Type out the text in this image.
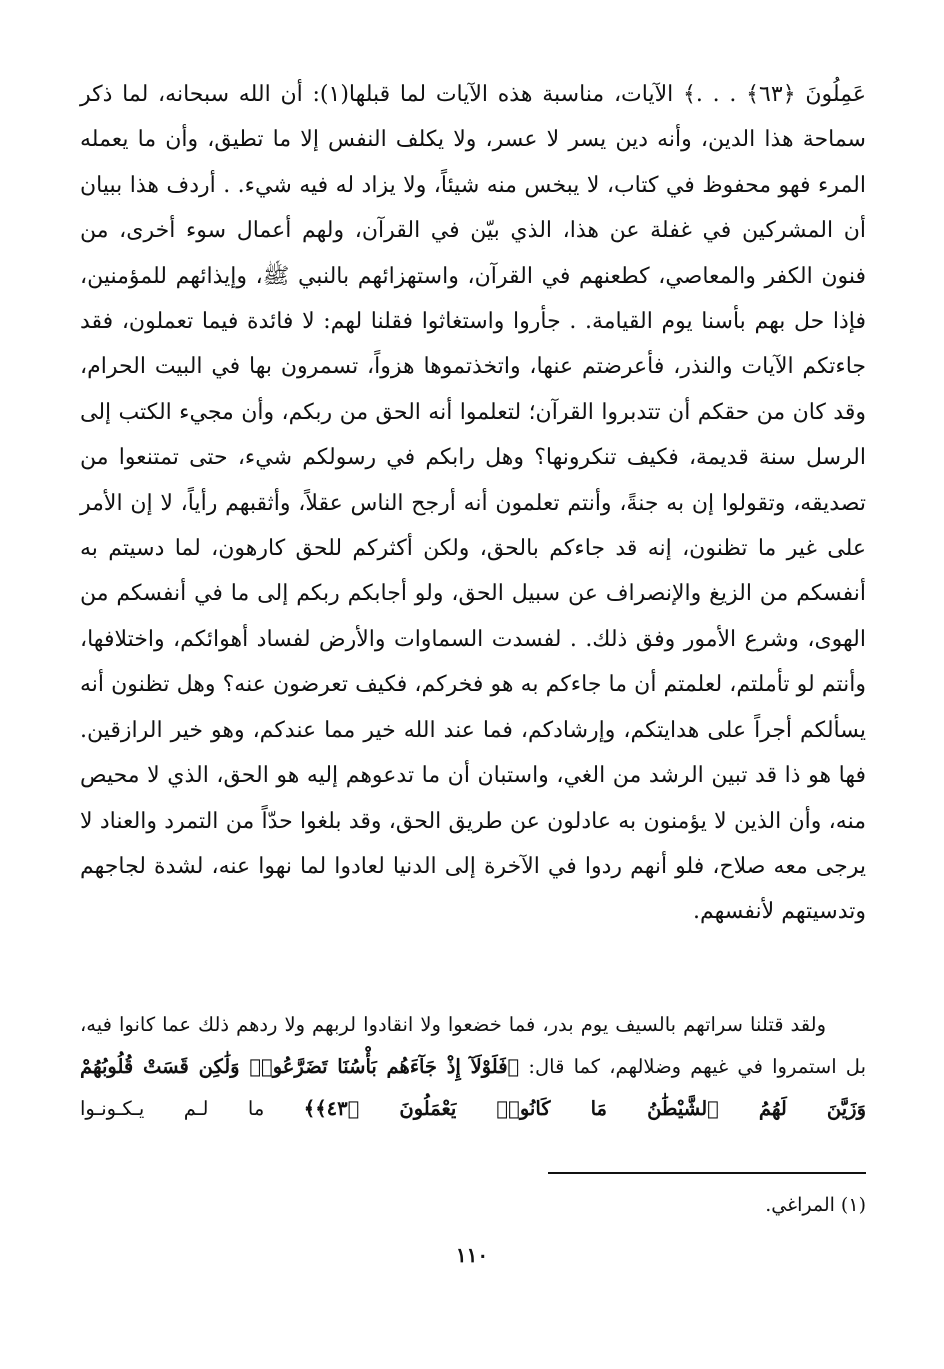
عَمِلُونَ ﴿٦٣﴾ . . .﴾ الآيات، مناسبة هذه الآيات لما قبلها(١): أن الله سبحانه، لما ذكر سماحة هذا الدين، وأنه دين يسر لا عسر، ولا يكلف النفس إلا ما تطيق، وأن ما يعمله المرء فهو محفوظ في كتاب، لا يبخس منه شيئاً، ولا يزاد له فيه شيء. . أردف هذا ببيان أن المشركين في غفلة عن هذا، الذي بيّن في القرآن، ولهم أعمال سوء أخرى، من فنون الكفر والمعاصي، كطعنهم في القرآن، واستهزائهم بالنبي ﷺ، وإيذائهم للمؤمنين، فإذا حل بهم بأسنا يوم القيامة. . جأروا واستغاثوا فقلنا لهم: لا فائدة فيما تعملون، فقد جاءتكم الآيات والنذر، فأعرضتم عنها، واتخذتموها هزواً، تسمرون بها في البيت الحرام، وقد كان من حقكم أن تتدبروا القرآن؛ لتعلموا أنه الحق من ربكم، وأن مجيء الكتب إلى الرسل سنة قديمة، فكيف تنكرونها؟ وهل رابكم في رسولكم شيء، حتى تمتنعوا من تصديقه، وتقولوا إن به جنةً، وأنتم تعلمون أنه أرجح الناس عقلاً، وأثقبهم رأياً، لا إن الأمر على غير ما تظنون، إنه قد جاءكم بالحق، ولكن أكثركم للحق كارهون، لما دسيتم به أنفسكم من الزيغ والإنصراف عن سبيل الحق، ولو أجابكم ربكم إلى ما في أنفسكم من الهوى، وشرع الأمور وفق ذلك. . لفسدت السماوات والأرض لفساد أهوائكم، واختلافها، وأنتم لو تأملتم، لعلمتم أن ما جاءكم به هو فخركم، فكيف تعرضون عنه؟ وهل تظنون أنه يسألكم أجراً على هدايتكم، وإرشادكم، فما عند الله خير مما عندكم، وهو خير الرازقين. فها هو ذا قد تبين الرشد من الغي، واستبان أن ما تدعوهم إليه هو الحق، الذي لا محيص منه، وأن الذين لا يؤمنون به عادلون عن طريق الحق، وقد بلغوا حدّاً من التمرد والعناد لا يرجى معه صلاح، فلو أنهم ردوا في الآخرة إلى الدنيا لعادوا لما نهوا عنه، لشدة لجاجهم وتدسيتهم لأنفسهم.

ولقد قتلنا سراتهم بالسيف يوم بدر، فما خضعوا ولا انقادوا لربهم ولا ردهم ذلك عما كانوا فيه، بل استمروا في غيهم وضلالهم، كما قال: ﴿فَلَوْلَآ إِذْ جَآءَهُم بَأْسُنَا تَضَرَّعُوا۟ وَلَٰكِن قَسَتْ قُلُوبُهُمْ وَزَيَّنَ لَهُمُ ٱلشَّيْطَٰنُ مَا كَانُوا۟ يَعْمَلُونَ ﴿٤٣﴾﴾ ما لـم يـكـونـوا

(١) المراغي.

١١٠
